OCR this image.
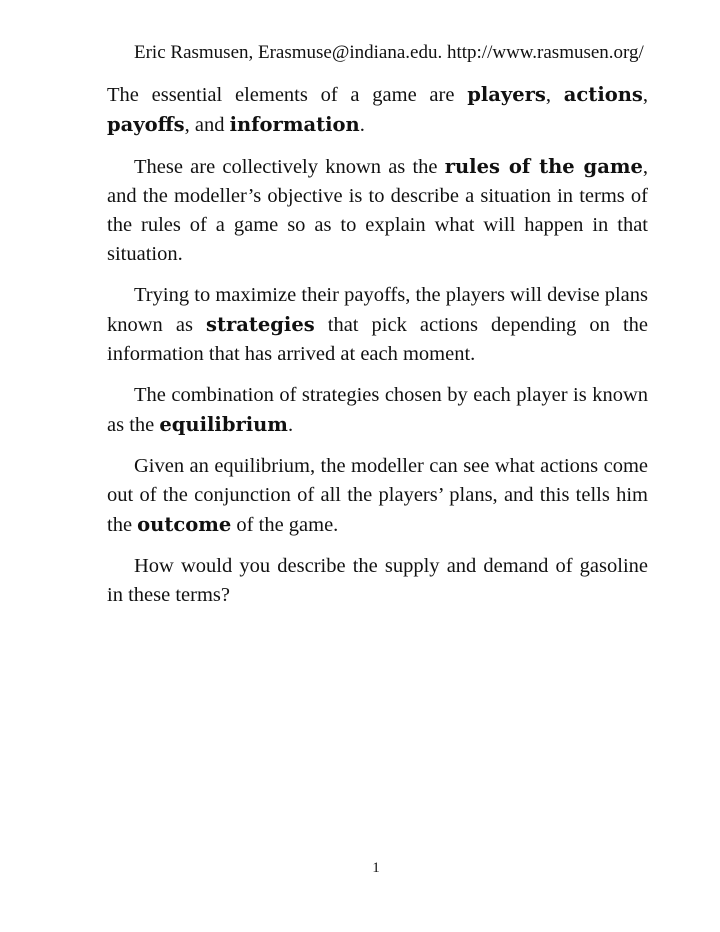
Eric Rasmusen, Erasmuse@indiana.edu. http://www.rasmusen.org/

The essential elements of a game are players, actions, payoffs, and information.

These are collectively known as the rules of the game, and the modeller’s objective is to describe a situation in terms of the rules of a game so as to explain what will happen in that situation.

Trying to maximize their payoffs, the players will devise plans known as strategies that pick actions depending on the information that has arrived at each moment.

The combination of strategies chosen by each player is known as the equilibrium.

Given an equilibrium, the modeller can see what actions come out of the conjunction of all the players’ plans, and this tells him the outcome of the game.

How would you describe the supply and demand of gasoline in these terms?

1
